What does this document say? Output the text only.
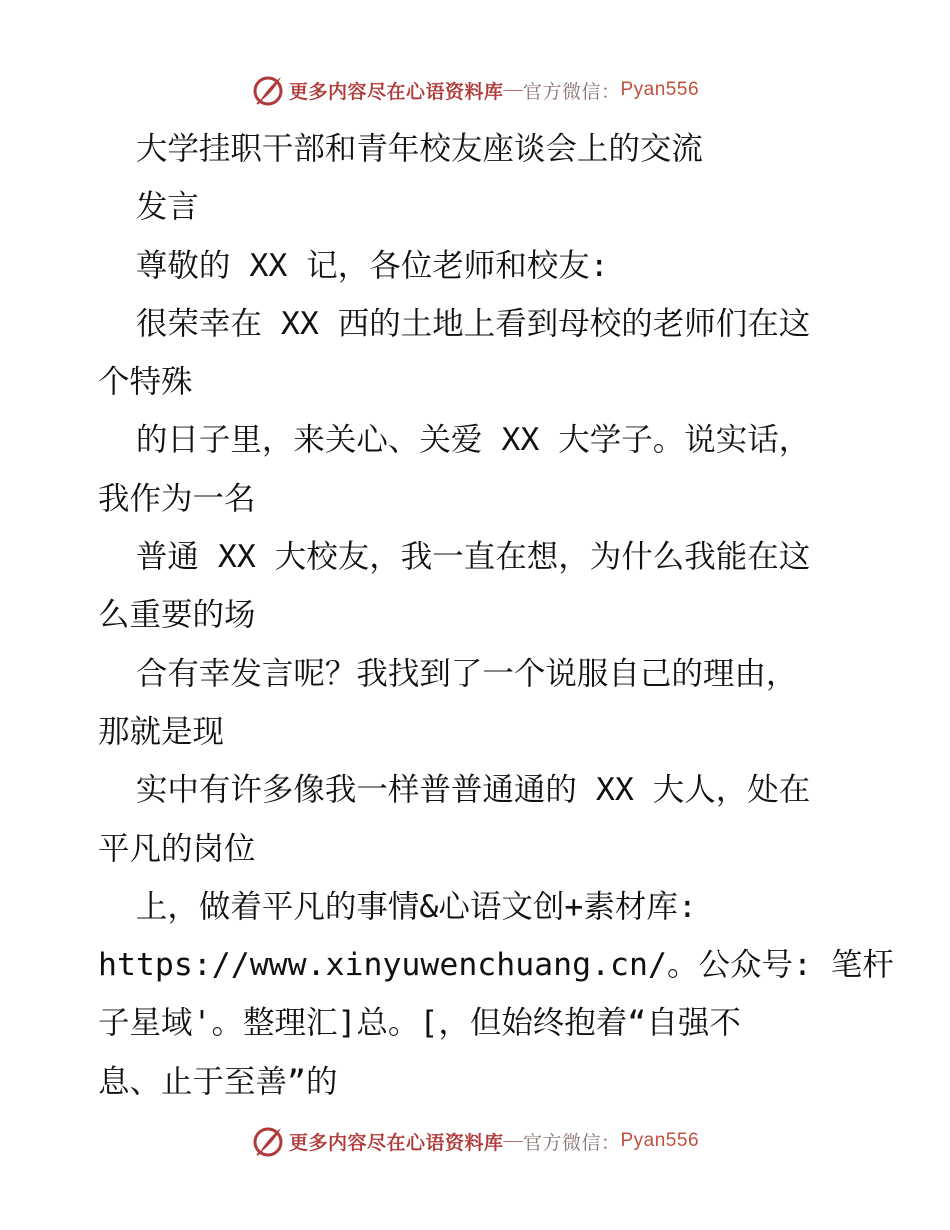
更多内容尽在心语资料库 — 官方微信： Pyan556
大学挂职干部和青年校友座谈会上的交流
发言
尊敬的 XX 记，各位老师和校友:
很荣幸在 XX 西的土地上看到母校的老师们在这
个特殊
的日子里，来关心、关爱 XX 大学子。说实话，
我作为一名
普通 XX 大校友，我一直在想，为什么我能在这
么重要的场
合有幸发言呢？我找到了一个说服自己的理由，
那就是现
实中有许多像我一样普普通通的 XX 大人，处在
平凡的岗位
上，做着平凡的事情&心语文创+素材库:
https://www.xinyuwenchuang.cn/。公众号: 笔杆
子星域'。整理汇]总。[，但始终抱着“自强不
息、止于至善”的
更多内容尽在心语资料库 — 官方微信： Pyan556
